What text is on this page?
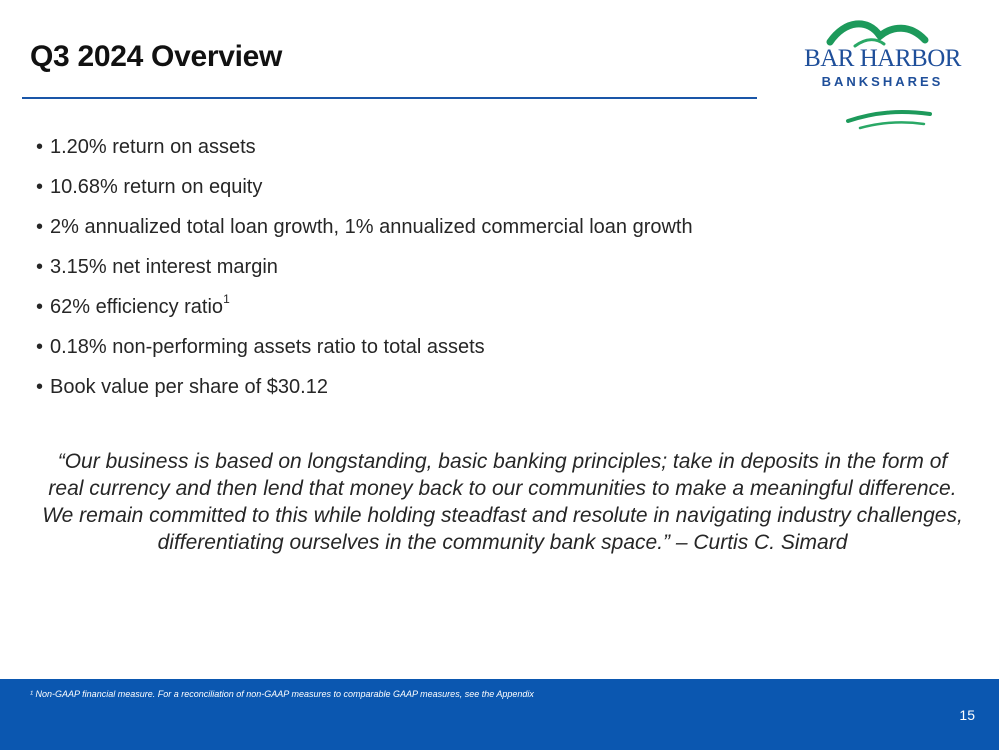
Q3 2024 Overview	BAR HARBOR
BANKSHARES
• 1.20% return on assets
• 10.68% return on equity
• 2% annualized total loan growth, 1% annualized commercial loan growth
• 3.15% net interest margin
• 62% efficiency ratio$^1$
• 0.18% non-performing assets ratio to total assets
• Book value per share of $30.12

“Our business is based on longstanding, basic banking principles; take in deposits in the form of real currency and then lend that money back to our communities to make a meaningful difference. We remain committed to this while holding steadfast and resolute in navigating industry challenges, differentiating ourselves in the community bank space.” – Curtis C. Simard

¹ Non-GAAP financial measure. For a reconciliation of non-GAAP measures to comparable GAAP measures, see the Appendix

15
